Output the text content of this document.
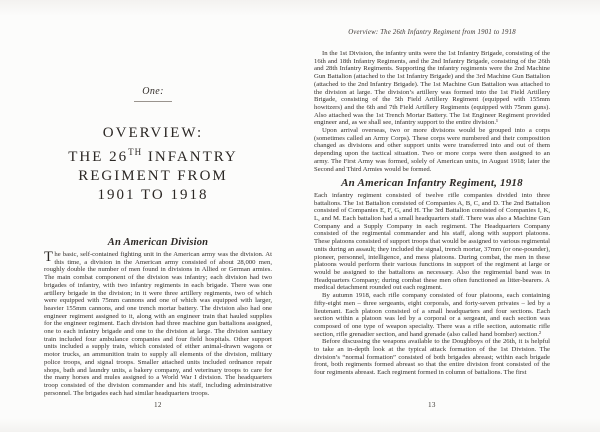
One:
OVERVIEW:
THE 26TH INFANTRY
REGIMENT FROM
1901 TO 1918
An American Division

The basic, self-contained fighting unit in the American army was the division. At this time, a division in the American army consisted of about 28,000 men, roughly double the number of men found in divisions in Allied or German armies. The main combat component of the division was infantry; each division had two brigades of infantry, with two infantry regiments in each brigade. There was one artillery brigade in the division; in it were three artillery regiments, two of which were equipped with 75mm cannons and one of which was equipped with larger, heavier 155mm cannons, and one trench mortar battery. The division also had one engineer regiment assigned to it, along with an engineer train that hauled supplies for the engineer regiment. Each division had three machine gun battalions assigned, one to each infantry brigade and one to the division at large. The division sanitary train included four ambulance companies and four field hospitals. Other support units included a supply train, which consisted of either animal-drawn wagons or motor trucks, an ammunition train to supply all elements of the division, military police troops, and signal troops. Smaller attached units included ordnance repair shops, bath and laundry units, a bakery company, and veterinary troops to care for the many horses and mules assigned to a World War I division. The headquarters troop consisted of the division commander and his staff, including administrative personnel. The brigades each had similar headquarters troops.

12
Overview: The 26th Infantry Regiment from 1901 to 1918

In the 1st Division, the infantry units were the 1st Infantry Brigade, consisting of the 16th and 18th Infantry Regiments, and the 2nd Infantry Brigade, consisting of the 26th and 28th Infantry Regiments. Supporting the infantry regiments were the 2nd Machine Gun Battalion (attached to the 1st Infantry Brigade) and the 3rd Machine Gun Battalion (attached to the 2nd Infantry Brigade). The 1st Machine Gun Battalion was attached to the division at large. The division’s artillery was formed into the 1st Field Artillery Brigade, consisting of the 5th Field Artillery Regiment (equipped with 155mm howitzers) and the 6th and 7th Field Artillery Regiments (equipped with 75mm guns). Also attached was the 1st Trench Mortar Battery. The 1st Engineer Regiment provided engineer and, as we shall see, infantry support to the entire division.¹

Upon arrival overseas, two or more divisions would be grouped into a corps (sometimes called an Army Corps). These corps were numbered and their composition changed as divisions and other support units were transferred into and out of them depending upon the tactical situation. Two or more corps were then assigned to an army. The First Army was formed, solely of American units, in August 1918; later the Second and Third Armies would be formed.

An American Infantry Regiment, 1918

Each infantry regiment consisted of twelve rifle companies divided into three battalions. The 1st Battalion consisted of Companies A, B, C, and D. The 2nd Battalion consisted of Companies E, F, G, and H. The 3rd Battalion consisted of Companies I, K, L, and M. Each battalion had a small headquarters staff. There was also a Machine Gun Company and a Supply Company in each regiment. The Headquarters Company consisted of the regimental commander and his staff, along with support platoons. These platoons consisted of support troops that would be assigned to various regimental units during an assault; they included the signal, trench mortar, 37mm (or one-pounder), pioneer, personnel, intelligence, and mess platoons. During combat, the men in these platoons would perform their various functions in support of the regiment at large or would be assigned to the battalions as necessary. Also the regimental band was in Headquarters Company; during combat these men often functioned as litter-bearers. A medical detachment rounded out each regiment.

By autumn 1918, each rifle company consisted of four platoons, each containing fifty-eight men – three sergeants, eight corporals, and forty-seven privates – led by a lieutenant. Each platoon consisted of a small headquarters and four sections. Each section within a platoon was led by a corporal or a sergeant, and each section was composed of one type of weapon specialty. There was a rifle section, automatic rifle section, rifle grenadier section, and hand grenade (also called hand bomber) section.²

Before discussing the weapons available to the Doughboys of the 26th, it is helpful to take an in-depth look at the typical attack formation of the 1st Division. The division’s “normal formation” consisted of both brigades abreast; within each brigade front, both regiments formed abreast so that the entire division front consisted of the four regiments abreast. Each regiment formed in column of battalions. The first

13
